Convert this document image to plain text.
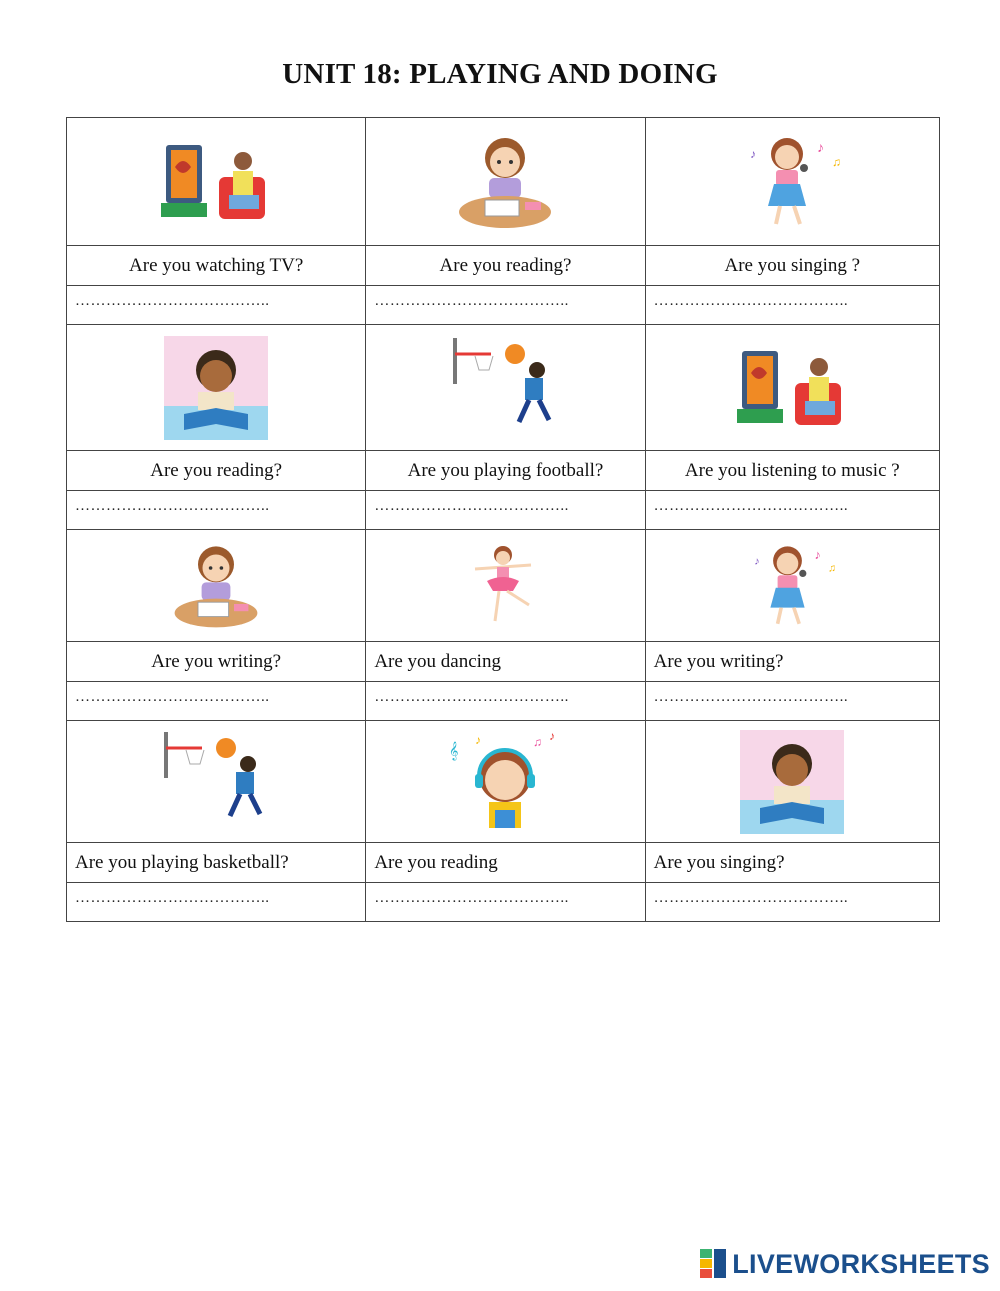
UNIT 18: PLAYING AND DOING

♪
♫
♪

Are you watching TV?	Are you reading?	Are you singing ?

………………………………..	………………………………..	………………………………..

Are you reading?	Are you playing football?	Are you listening to music ?

………………………………..	………………………………..	………………………………..

♪
♫
♪

Are you writing?	Are you dancing	Are you writing?

………………………………..	………………………………..	………………………………..

𝄞
♪ ♫ ♪

Are you playing basketball?	Are you reading	Are you singing?

………………………………..	………………………………..	………………………………..
LIVEWORKSHEETS
